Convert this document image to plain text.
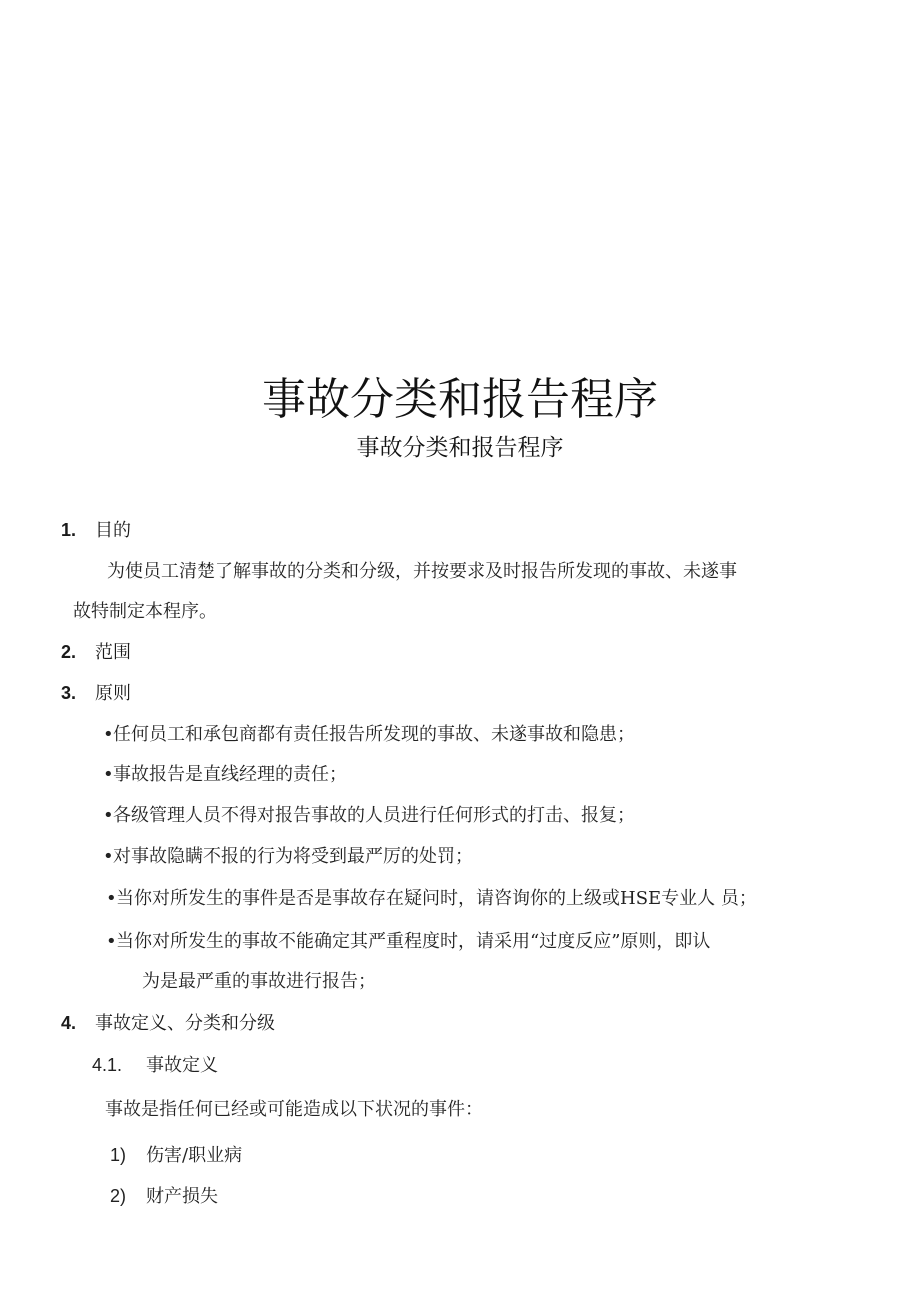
事故分类和报告程序
事故分类和报告程序
1. 目的
为使员工清楚了解事故的分类和分级，并按要求及时报告所发现的事故、未遂事
故特制定本程序。
2. 范围
3. 原则
•任何员工和承包商都有责任报告所发现的事故、未遂事故和隐患；
•事故报告是直线经理的责任；
•各级管理人员不得对报告事故的人员进行任何形式的打击、报复；
•对事故隐瞒不报的行为将受到最严厉的处罚；
•当你对所发生的事件是否是事故存在疑问时，请咨询你的上级或HSE专业人 员；
•当你对所发生的事故不能确定其严重程度时，请采用“过度反应”原则，即认
为是最严重的事故进行报告；
4. 事故定义、分类和分级
4.1. 事故定义
事故是指任何已经或可能造成以下状况的事件：
1) 伤害/职业病
2) 财产损失
